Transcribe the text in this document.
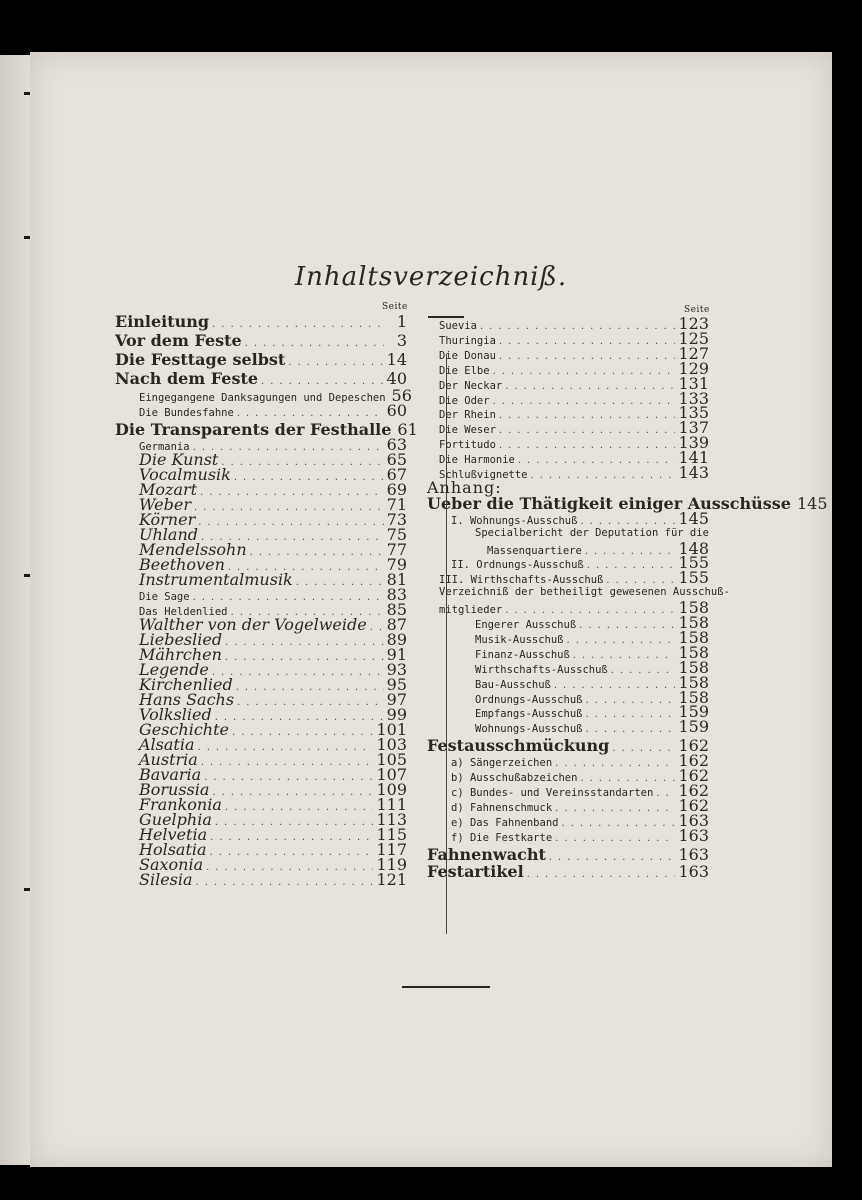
Inhaltsverzeichniß.
Seite	Seite
Einleitung .....	1
Vor dem Feste .....	3
Die Festtage selbst .....	14
Nach dem Feste .....	40
Eingegangene Danksagungen und Depeschen 56
Die Bundesfahne .....	60
Die Transparents der Festhalle 61
Germania .....	63
Die Kunst .....	65
Vocalmusik .....	67
Mozart .....	69
Weber .....	71
Körner .....	73
Uhland .....	75
Mendelssohn .....	77
Beethoven .....	79
Instrumentalmusik .....	81
Die Sage .....	83
Das Heldenlied .....	85
Walther von der Vogelweide ..... 87
Liebeslied .....	89
Mährchen .....	91
Legende .....	93
Kirchenlied .....	95
Hans Sachs .....	97
Volkslied .....	99
Geschichte .....	101
Alsatia .....	103
Austria .....	105
Bavaria .....	107
Borussia .....	109
Frankonia .....	111
Guelphia .....	113
Helvetia .....	115
Holsatia .....	117
Saxonia .....	119
Silesia .....	121
Suevia .....	123
Thuringia .....	125
Die Donau .....	127
Die Elbe .....	129
Der Neckar .....	131
Die Oder .....	133
Der Rhein .....	135
Die Weser .....	137
Fortitudo .....	139
Die Harmonie .....	141
Schlußvignette .....	143
Anhang:
Ueber die Thätigkeit einiger Ausschüsse 145
I. Wohnungs-Ausschuß .....	145
Specialbericht der Deputation für die
Massenquartiere .....	148
II. Ordnungs-Ausschuß .....	155
III. Wirthschafts-Ausschuß .....	155
Verzeichniß der betheiligt gewesenen Ausschuß-
mitglieder .....	158
Engerer Ausschuß .....	158
Musik-Ausschuß .....	158
Finanz-Ausschuß .....	158
Wirthschafts-Ausschuß .....	158
Bau-Ausschuß .....	158
Ordnungs-Ausschuß .....	158
Empfangs-Ausschuß .....	159
Wohnungs-Ausschuß .....	159
Festausschmückung .....	162
a) Sängerzeichen .....	162
b) Ausschußabzeichen .....	162
c) Bundes- und Vereinsstandarten ..... 162
d) Fahnenschmuck .....	162
e) Das Fahnenband .....	163
f) Die Festkarte .....	163
Fahnenwacht .....	163
Festartikel .....	163
